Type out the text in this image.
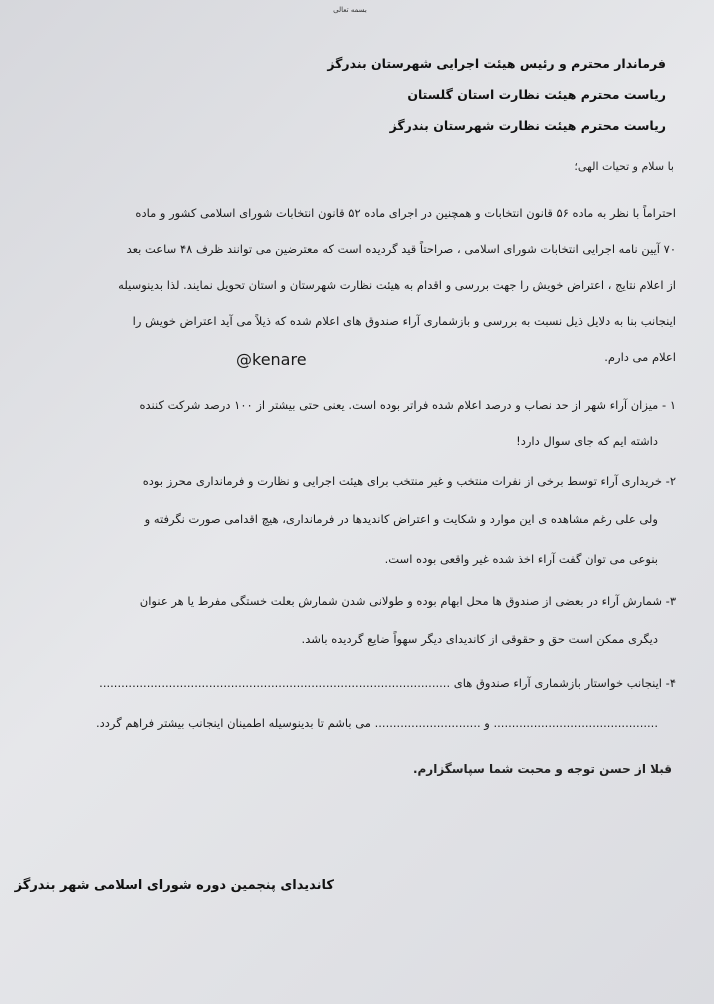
بسمه تعالی
فرماندار محترم و رئیس هیئت اجرایی شهرستان بندرگز
ریاست محترم هیئت نظارت استان گلستان
ریاست محترم هیئت نظارت شهرستان بندرگز
با سلام و تحیات الهی؛
احتراماً با نظر به ماده ۵۶ قانون انتخابات و همچنین در اجرای ماده ۵۲ قانون انتخابات شورای اسلامی کشور و ماده
۷۰ آیین نامه اجرایی انتخابات شورای اسلامی ، صراحتاً قید گردیده است که معترضین می توانند ظرف ۴۸ ساعت بعد
از اعلام نتایج ، اعتراض خویش را جهت بررسی و اقدام به هیئت نظارت شهرستان و استان تحویل نمایند. لذا بدینوسیله
اینجانب بنا به دلایل ذیل نسبت به بررسی و بازشماری آراء صندوق های اعلام شده که ذیلاً می آید اعتراض خویش را
اعلام می دارم.
@kenare
۱ - میزان آراء شهر از حد نصاب و درصد اعلام شده فراتر بوده است. یعنی حتی بیشتر از ۱۰۰ درصد شرکت کننده
داشته ایم که جای سوال دارد!
۲- خریداری آراء توسط برخی از نفرات منتخب و غیر منتخب برای هیئت اجرایی و نظارت و فرمانداری محرز بوده
ولی علی رغم مشاهده ی این موارد و شکایت و اعتراض کاندیدها در فرمانداری، هیچ اقدامی صورت نگرفته و
بنوعی می توان گفت آراء اخذ شده غیر واقعی بوده است.
۳- شمارش آراء در بعضی از صندوق ها محل ابهام بوده و طولانی شدن شمارش بعلت خستگی مفرط یا هر عنوان
دیگری ممکن است حق و حقوقی از کاندیدای دیگر سهواً ضایع گردیده باشد.
۴- اینجانب خواستار بازشماری آراء صندوق های ................................................................................................
............................................. و ............................. می باشم تا بدینوسیله اطمینان اینجانب بیشتر فراهم گردد.
قبلا از حسن توجه و محبت شما سپاسگزارم.
کاندیدای پنجمین دوره شورای اسلامی شهر بندرگز
